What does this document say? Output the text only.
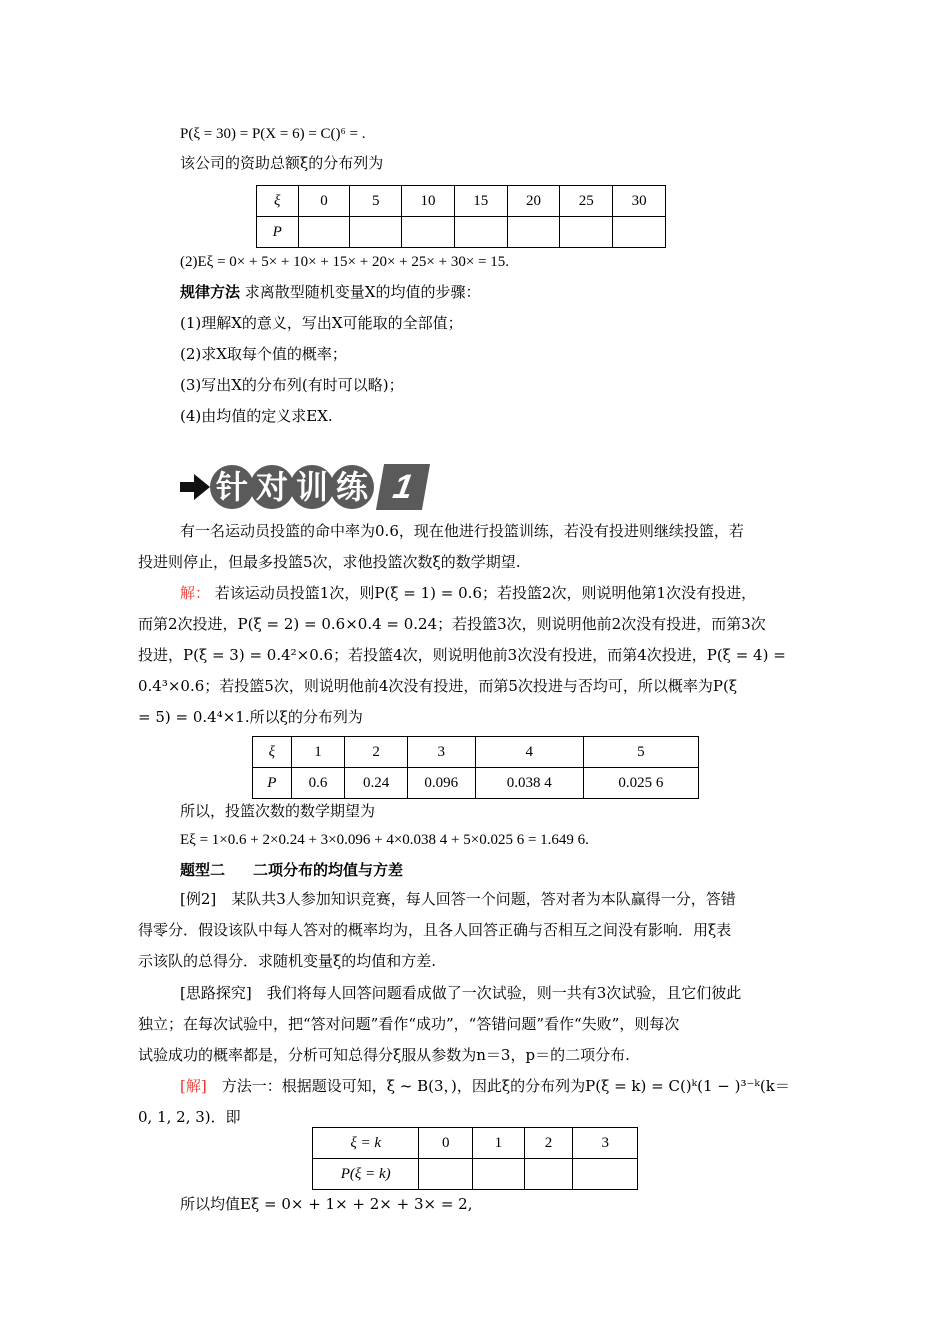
P(ξ = 30) = P(X = 6) = C()⁶ = .
该公司的资助总额ξ的分布列为
ξ	0	5	10	15	20	25	30
P							
(2)Eξ = 0× + 5× + 10× + 15× + 20× + 25× + 30× = 15.
规律方法 求离散型随机变量X的均值的步骤：
(1)理解X的意义，写出X可能取的全部值；
(2)求X取每个值的概率；
(3)写出X的分布列(有时可以略)；
(4)由均值的定义求EX.
针 对 训 练 1
有一名运动员投篮的命中率为0.6，现在他进行投篮训练，若没有投进则继续投篮，若
投进则停止，但最多投篮5次，求他投篮次数ξ的数学期望.
解： 若该运动员投篮1次，则P(ξ = 1) = 0.6；若投篮2次，则说明他第1次没有投进，
而第2次投进，P(ξ = 2) = 0.6×0.4 = 0.24；若投篮3次，则说明他前2次没有投进，而第3次
投进，P(ξ = 3) = 0.4²×0.6；若投篮4次，则说明他前3次没有投进，而第4次投进，P(ξ = 4) =
0.4³×0.6；若投篮5次，则说明他前4次没有投进，而第5次投进与否均可，所以概率为P(ξ
= 5) = 0.4⁴×1.所以ξ的分布列为
ξ	1	2	3	4	5
P	0.6	0.24	0.096	0.038 4	0.025 6
所以，投篮次数的数学期望为
Eξ = 1×0.6 + 2×0.24 + 3×0.096 + 4×0.038 4 + 5×0.025 6 = 1.649 6.
题型二 二项分布的均值与方差
[例2]　某队共3人参加知识竞赛，每人回答一个问题，答对者为本队赢得一分，答错
得零分．假设该队中每人答对的概率均为，且各人回答正确与否相互之间没有影响．用ξ表
示该队的总得分．求随机变量ξ的均值和方差.
[思路探究]　我们将每人回答问题看成做了一次试验，则一共有3次试验，且它们彼此
独立；在每次试验中，把“答对问题”看作“成功”，“答错问题”看作“失败”，则每次
试验成功的概率都是，分析可知总得分ξ服从参数为n＝3，p＝的二项分布.
[解]　方法一：根据题设可知，ξ ~ B(3，)，因此ξ的分布列为P(ξ = k) = C()ᵏ(1 − )³⁻ᵏ(k＝
0, 1, 2, 3)．即
ξ = k	0	1	2	3
P(ξ = k)				
所以均值Eξ = 0× + 1× + 2× + 3× = 2,
